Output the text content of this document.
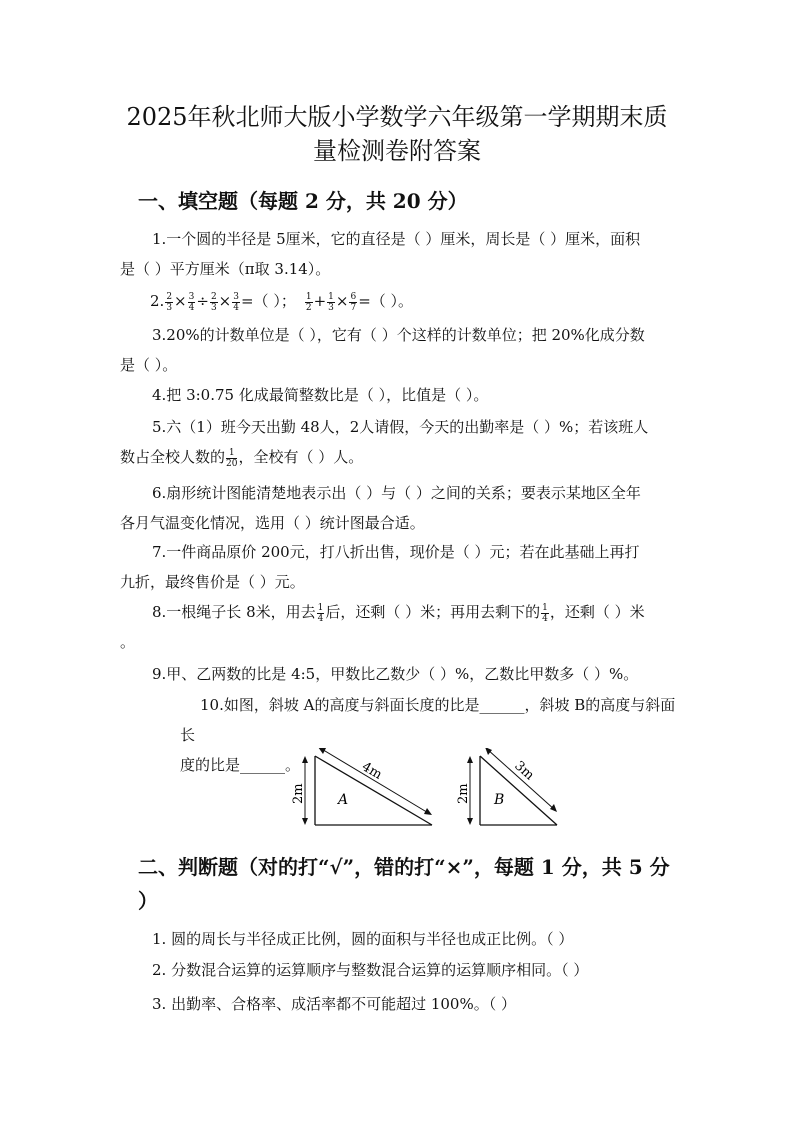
2025年秋北师大版小学数学六年级第一学期期末质
量检测卷附答案
一、填空题（每题 2 分，共 20 分）
1.一个圆的半径是 5厘米，它的直径是（ ）厘米，周长是（ ）厘米，面积
是（ ）平方厘米（π取 3.14）。
2. $\frac{2}{3} \times \frac{3}{4} \div \frac{2}{3} \times \frac{3}{4}$ =（ ）； $\frac{1}{2} + \frac{1}{3} \times \frac{6}{7}$ =（ ）。
3.20%的计数单位是（ ），它有（ ）个这样的计数单位；把 20%化成分数
是（ ）。
4.把 3:0.75 化成最简整数比是（ ），比值是（ ）。
5.六（1）班今天出勤 48人，2人请假，今天的出勤率是（ ）%；若该班人
数占全校人数的 $\frac{1}{20}$ ，全校有（ ）人。
6.扇形统计图能清楚地表示出（ ）与（ ）之间的关系；要表示某地区全年
各月气温变化情况，选用（ ）统计图最合适。
7.一件商品原价 200元，打八折出售，现价是（ ）元；若在此基础上再打
九折，最终售价是（ ）元。
8.一根绳子长 8米，用去 $\frac{1}{4}$ 后，还剩（ ）米；再用去剩下的 $\frac{1}{4}$ ，还剩（ ）米
。
9.甲、乙两数的比是 4:5，甲数比乙数少（ ）%，乙数比甲数多（ ）%。
10.如图，斜坡 A的高度与斜面长度的比是______，斜坡 B的高度与斜面长
度的比是______。
2m
4m
A	2m
3m
B
二、判断题（对的打“√”，错的打“×”，每题 1 分，共 5 分
）
1. 圆的周长与半径成正比例，圆的面积与半径也成正比例。（ ）
2. 分数混合运算的运算顺序与整数混合运算的运算顺序相同。（ ）
3. 出勤率、合格率、成活率都不可能超过 100%。（ ）
